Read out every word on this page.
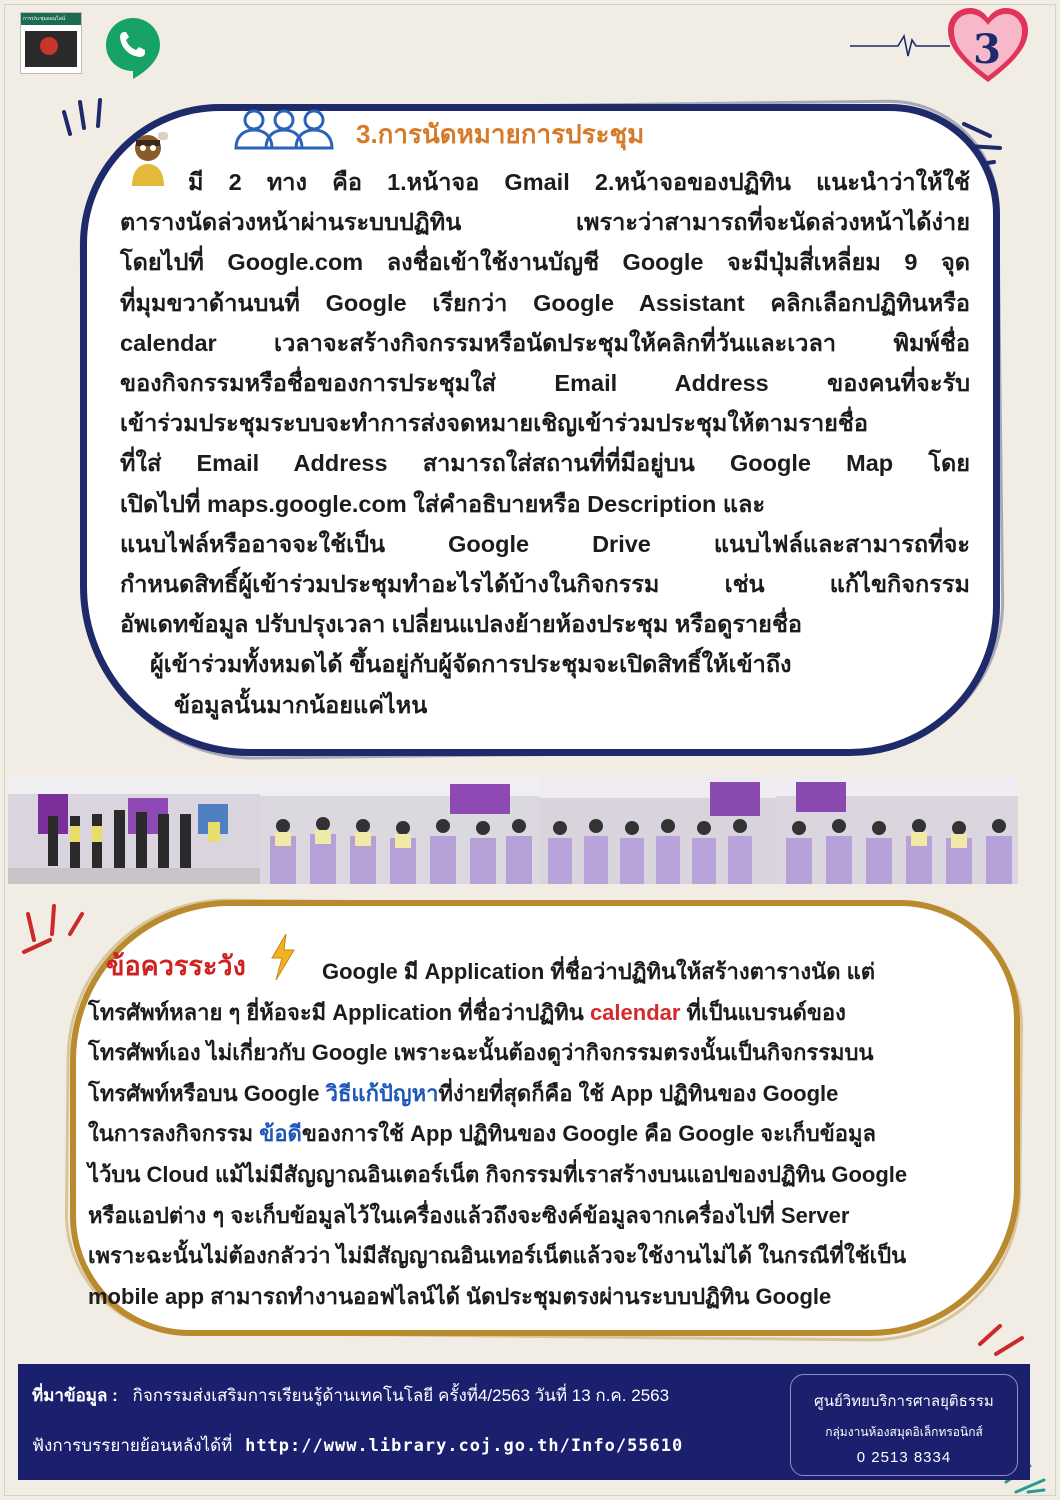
การประชุมออนไลน์
3
3.การนัดหมายการประชุม
มี 2 ทาง คือ 1.หน้าจอ Gmail 2.หน้าจอของปฏิทิน แนะนำว่าให้ใช้
ตารางนัดล่วงหน้าผ่านระบบปฏิทิน เพราะว่าสามารถที่จะนัดล่วงหน้าได้ง่าย
โดยไปที่ Google.com ลงชื่อเข้าใช้งานบัญชี Google จะมีปุ่มสี่เหลี่ยม 9 จุด
ที่มุมขวาด้านบนที่ Google เรียกว่า Google Assistant คลิกเลือกปฏิทินหรือ
calendar เวลาจะสร้างกิจกรรมหรือนัดประชุมให้คลิกที่วันและเวลา พิมพ์ชื่อ
ของกิจกรรมหรือชื่อของการประชุมใส่ Email Address ของคนที่จะรับ
เข้าร่วมประชุมระบบจะทำการส่งจดหมายเชิญเข้าร่วมประชุมให้ตามรายชื่อ
ที่ใส่ Email Address สามารถใส่สถานที่ที่มีอยู่บน Google Map โดย
เปิดไปที่ maps.google.com ใส่คำอธิบายหรือ Description และ
แนบไฟล์หรืออาจจะใช้เป็น Google Drive แนบไฟล์และสามารถที่จะ
กำหนดสิทธิ์ผู้เข้าร่วมประชุมทำอะไรได้บ้างในกิจกรรม เช่น แก้ไขกิจกรรม
อัพเดทข้อมูล ปรับปรุงเวลา เปลี่ยนแปลงย้ายห้องประชุม หรือดูรายชื่อ
ผู้เข้าร่วมทั้งหมดได้ ขึ้นอยู่กับผู้จัดการประชุมจะเปิดสิทธิ์ให้เข้าถึง
ข้อมูลนั้นมากน้อยแค่ไหน
ข้อควรระวัง	Google มี Application ที่ชื่อว่าปฏิทินให้สร้างตารางนัด แต่
โทรศัพท์หลาย ๆ ยี่ห้อจะมี Application ที่ชื่อว่าปฏิทิน calendar ที่เป็นแบรนด์ของ
โทรศัพท์เอง ไม่เกี่ยวกับ Google เพราะฉะนั้นต้องดูว่ากิจกรรมตรงนั้นเป็นกิจกรรมบน
โทรศัพท์หรือบน Google วิธีแก้ปัญหาที่ง่ายที่สุดก็คือ ใช้ App ปฏิทินของ Google
ในการลงกิจกรรม ข้อดีของการใช้ App ปฏิทินของ Google คือ Google จะเก็บข้อมูล
ไว้บน Cloud แม้ไม่มีสัญญาณอินเตอร์เน็ต กิจกรรมที่เราสร้างบนแอปของปฏิทิน Google
หรือแอปต่าง ๆ จะเก็บข้อมูลไว้ในเครื่องแล้วถึงจะซิงค์ข้อมูลจากเครื่องไปที่ Server
เพราะฉะนั้นไม่ต้องกลัวว่า ไม่มีสัญญาณอินเทอร์เน็ตแล้วจะใช้งานไม่ได้ ในกรณีที่ใช้เป็น
mobile app สามารถทำงานออฟไลน์ได้ นัดประชุมตรงผ่านระบบปฏิทิน Google
ที่มาข้อมูล : กิจกรรมส่งเสริมการเรียนรู้ด้านเทคโนโลยี ครั้งที่4/2563 วันที่ 13 ก.ค. 2563
ฟังการบรรยายย้อนหลังได้ที่ http://www.library.coj.go.th/Info/55610
ศูนย์วิทยบริการศาลยุติธรรม
กลุ่มงานห้องสมุดอิเล็กทรอนิกส์
0 2513 8334
